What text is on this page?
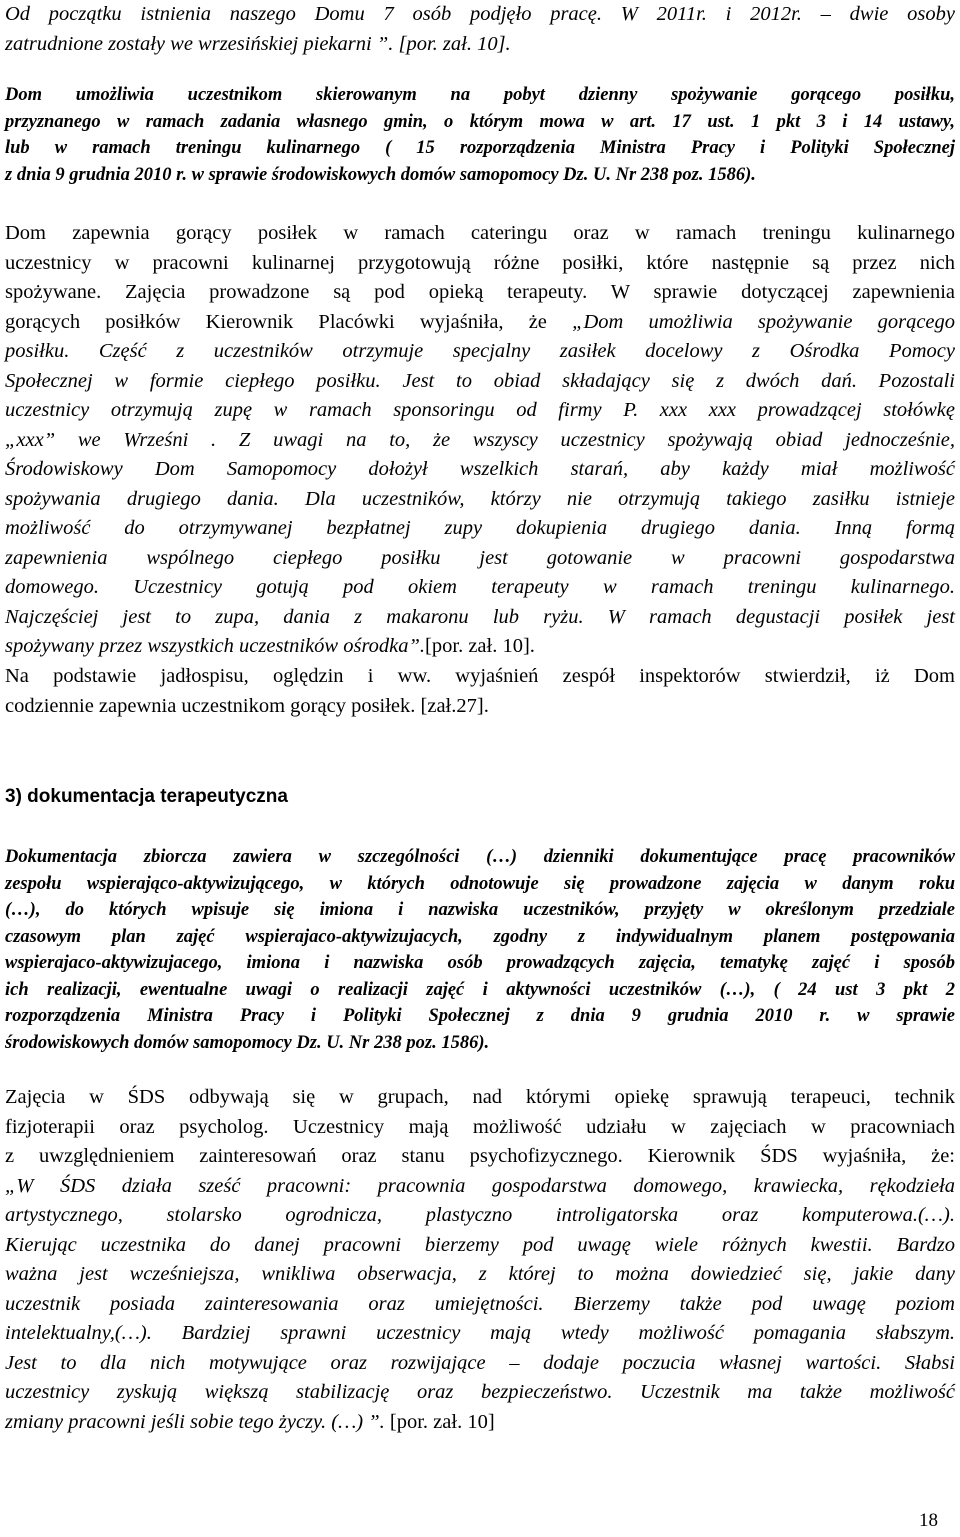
Od początku istnienia naszego Domu 7 osób podjęło pracę. W 2011r. i 2012r. – dwie osoby
zatrudnione zostały we wrzesińskiej piekarni ”. [por. zał. 10].
Dom umożliwia uczestnikom skierowanym na pobyt dzienny spożywanie gorącego posiłku,
przyznanego w ramach zadania własnego gmin, o którym mowa w art. 17 ust. 1 pkt 3 i 14 ustawy,
lub w ramach treningu kulinarnego ( 15 rozporządzenia Ministra Pracy i Polityki Społecznej
z dnia 9 grudnia 2010 r. w sprawie środowiskowych domów samopomocy Dz. U. Nr 238 poz. 1586).
Dom zapewnia gorący posiłek w ramach cateringu oraz w ramach treningu kulinarnego
uczestnicy w pracowni kulinarnej przygotowują różne posiłki, które następnie są przez nich
spożywane. Zajęcia prowadzone są pod opieką terapeuty. W sprawie dotyczącej zapewnienia
gorących posiłków Kierownik Placówki wyjaśniła, że „Dom umożliwia spożywanie gorącego
posiłku. Część z uczestników otrzymuje specjalny zasiłek docelowy z Ośrodka Pomocy
Społecznej w formie ciepłego posiłku. Jest to obiad składający się z dwóch dań. Pozostali
uczestnicy otrzymują zupę w ramach sponsoringu od firmy P. xxx xxx prowadzącej stołówkę
„xxx” we Wrześni . Z uwagi na to, że wszyscy uczestnicy spożywają obiad jednocześnie,
Środowiskowy Dom Samopomocy dołożył wszelkich starań, aby każdy miał możliwość
spożywania drugiego dania. Dla uczestników, którzy nie otrzymują takiego zasiłku istnieje
możliwość do otrzymywanej bezpłatnej zupy dokupienia drugiego dania. Inną formą
zapewnienia wspólnego ciepłego posiłku jest gotowanie w pracowni gospodarstwa
domowego. Uczestnicy gotują pod okiem terapeuty w ramach treningu kulinarnego.
Najczęściej jest to zupa, dania z makaronu lub ryżu. W ramach degustacji posiłek jest
spożywany przez wszystkich uczestników ośrodka”.[por. zał. 10].
Na podstawie jadłospisu, oględzin i ww. wyjaśnień zespół inspektorów stwierdził, iż Dom
codziennie zapewnia uczestnikom gorący posiłek. [zał.27].
3) dokumentacja terapeutyczna
Dokumentacja zbiorcza zawiera w szczególności (…) dzienniki dokumentujące pracę pracowników
zespołu wspierająco-aktywizującego, w których odnotowuje się prowadzone zajęcia w danym roku
(…), do których wpisuje się imiona i nazwiska uczestników, przyjęty w określonym przedziale
czasowym plan zajęć wspierajaco-aktywizujacych, zgodny z indywidualnym planem postępowania
wspierajaco-aktywizujacego, imiona i nazwiska osób prowadzących zajęcia, tematykę zajęć i sposób
ich realizacji, ewentualne uwagi o realizacji zajęć i aktywności uczestników (…), ( 24 ust 3 pkt 2
rozporządzenia Ministra Pracy i Polityki Społecznej z dnia 9 grudnia 2010 r. w sprawie
środowiskowych domów samopomocy Dz. U. Nr 238 poz. 1586).
Zajęcia w ŚDS odbywają się w grupach, nad którymi opiekę sprawują terapeuci, technik
fizjoterapii oraz psycholog. Uczestnicy mają możliwość udziału w zajęciach w pracowniach
z uwzględnieniem zainteresowań oraz stanu psychofizycznego. Kierownik ŚDS wyjaśniła, że:
„W ŚDS działa sześć pracowni: pracownia gospodarstwa domowego, krawiecka, rękodzieła
artystycznego, stolarsko ogrodnicza, plastyczno introligatorska oraz komputerowa.(…).
Kierując uczestnika do danej pracowni bierzemy pod uwagę wiele różnych kwestii. Bardzo
ważna jest wcześniejsza, wnikliwa obserwacja, z której to można dowiedzieć się, jakie dany
uczestnik posiada zainteresowania oraz umiejętności. Bierzemy także pod uwagę poziom
intelektualny,(…). Bardziej sprawni uczestnicy mają wtedy możliwość pomagania słabszym.
Jest to dla nich motywujące oraz rozwijające – dodaje poczucia własnej wartości. Słabsi
uczestnicy zyskują większą stabilizację oraz bezpieczeństwo. Uczestnik ma także możliwość
zmiany pracowni jeśli sobie tego życzy. (…) ”. [por. zał. 10]
18
